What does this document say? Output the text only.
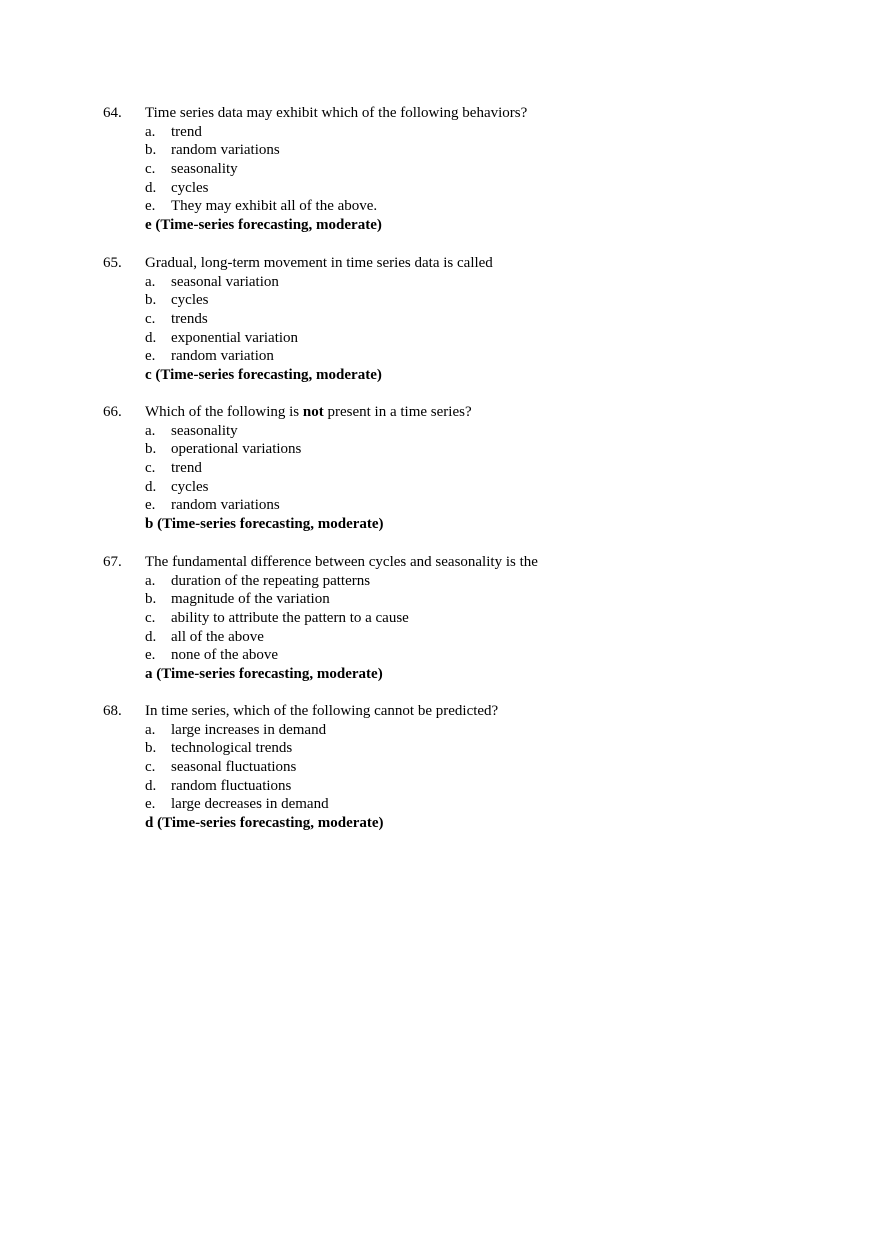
64. Time series data may exhibit which of the following behaviors?
a. trend
b. random variations
c. seasonality
d. cycles
e. They may exhibit all of the above.
e (Time-series forecasting, moderate)
65. Gradual, long-term movement in time series data is called
a. seasonal variation
b. cycles
c. trends
d. exponential variation
e. random variation
c (Time-series forecasting, moderate)
66. Which of the following is not present in a time series?
a. seasonality
b. operational variations
c. trend
d. cycles
e. random variations
b (Time-series forecasting, moderate)
67. The fundamental difference between cycles and seasonality is the
a. duration of the repeating patterns
b. magnitude of the variation
c. ability to attribute the pattern to a cause
d. all of the above
e. none of the above
a (Time-series forecasting, moderate)
68. In time series, which of the following cannot be predicted?
a. large increases in demand
b. technological trends
c. seasonal fluctuations
d. random fluctuations
e. large decreases in demand
d (Time-series forecasting, moderate)
